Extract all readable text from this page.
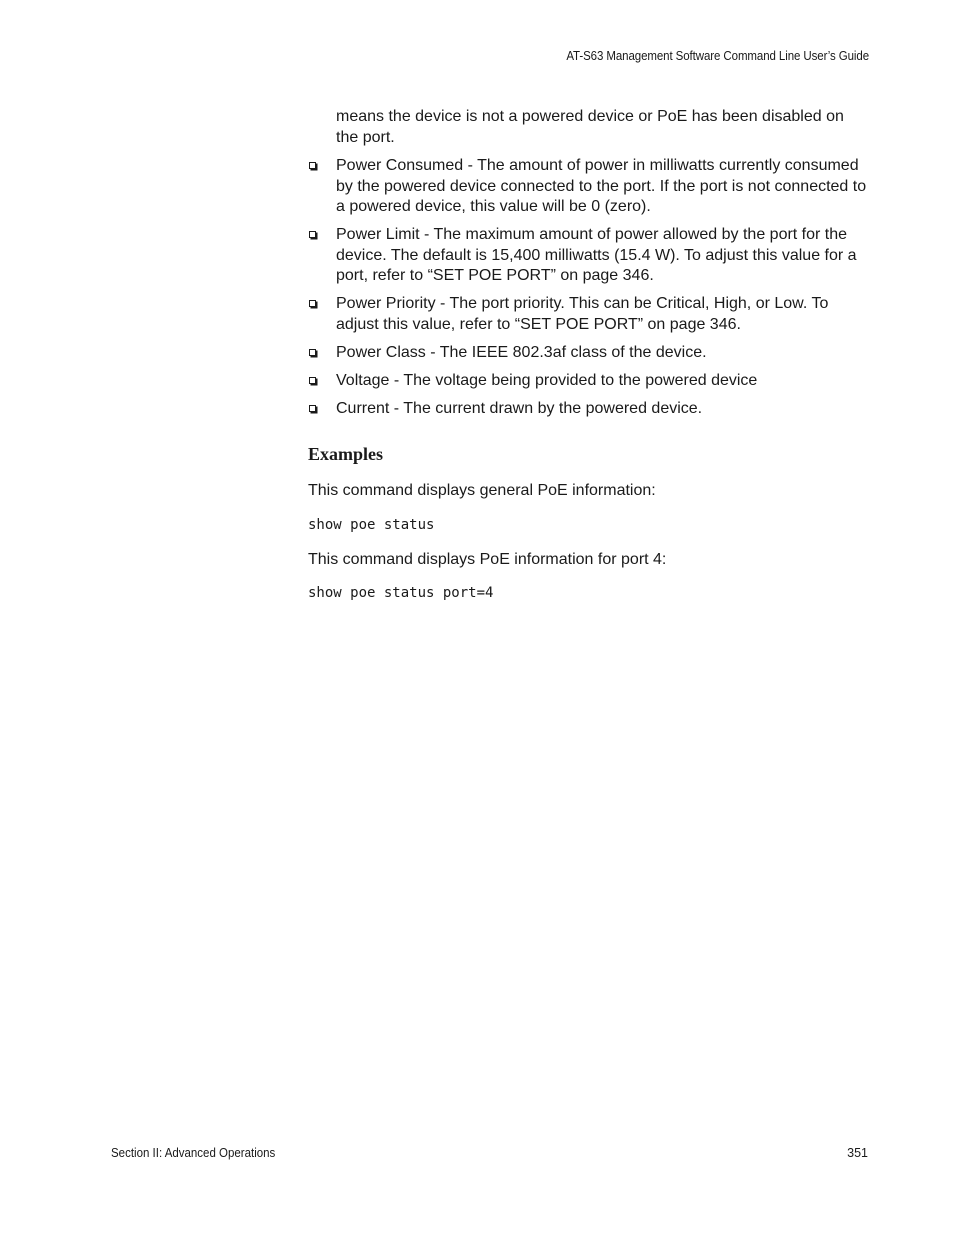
AT-S63 Management Software Command Line User’s Guide

means the device is not a powered device or PoE has been disabled on the port.

Power Consumed - The amount of power in milliwatts currently consumed by the powered device connected to the port. If the port is not connected to a powered device, this value will be 0 (zero).
Power Limit - The maximum amount of power allowed by the port for the device. The default is 15,400 milliwatts (15.4 W). To adjust this value for a port, refer to “SET POE PORT” on page 346.
Power Priority - The port priority. This can be Critical, High, or Low. To adjust this value, refer to “SET POE PORT” on page 346.
Power Class - The IEEE 802.3af class of the device.
Voltage - The voltage being provided to the powered device
Current - The current drawn by the powered device.
Examples

This command displays general PoE information:

show poe status

This command displays PoE information for port 4:

show poe status port=4
Section II: Advanced Operations	351
